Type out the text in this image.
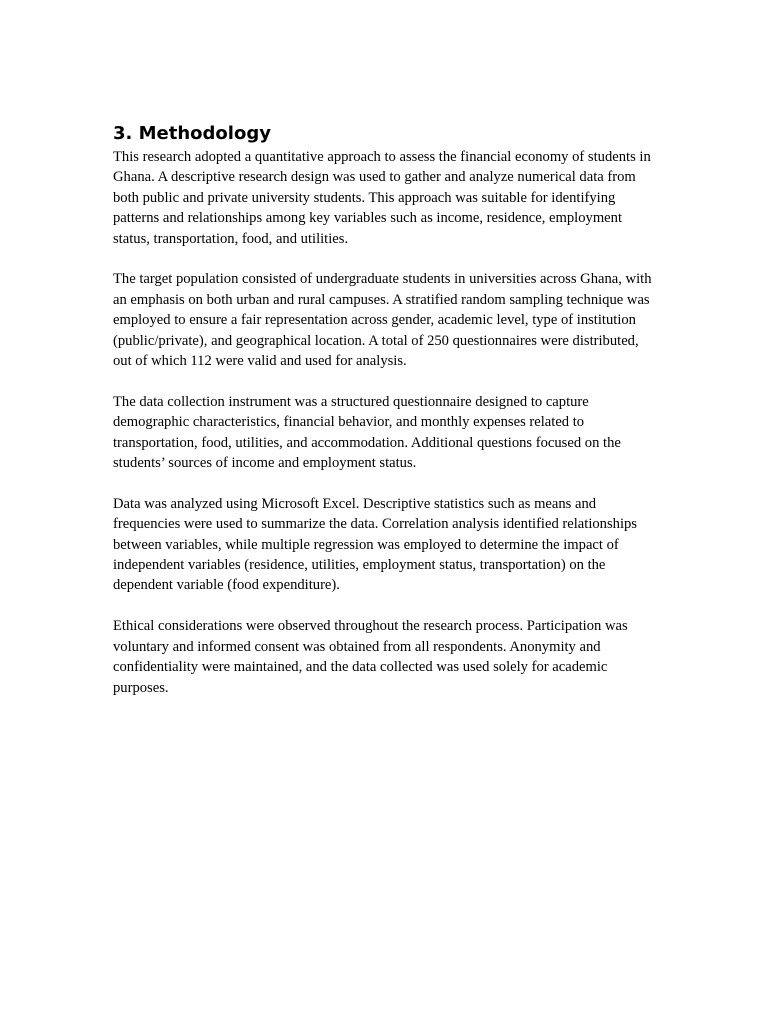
3. Methodology

This research adopted a quantitative approach to assess the financial economy of students in Ghana. A descriptive research design was used to gather and analyze numerical data from both public and private university students. This approach was suitable for identifying patterns and relationships among key variables such as income, residence, employment status, transportation, food, and utilities.

The target population consisted of undergraduate students in universities across Ghana, with an emphasis on both urban and rural campuses. A stratified random sampling technique was employed to ensure a fair representation across gender, academic level, type of institution (public/private), and geographical location. A total of 250 questionnaires were distributed, out of which 112 were valid and used for analysis.

The data collection instrument was a structured questionnaire designed to capture demographic characteristics, financial behavior, and monthly expenses related to transportation, food, utilities, and accommodation. Additional questions focused on the students’ sources of income and employment status.

Data was analyzed using Microsoft Excel. Descriptive statistics such as means and frequencies were used to summarize the data. Correlation analysis identified relationships between variables, while multiple regression was employed to determine the impact of independent variables (residence, utilities, employment status, transportation) on the dependent variable (food expenditure).

Ethical considerations were observed throughout the research process. Participation was voluntary and informed consent was obtained from all respondents. Anonymity and confidentiality were maintained, and the data collected was used solely for academic purposes.
